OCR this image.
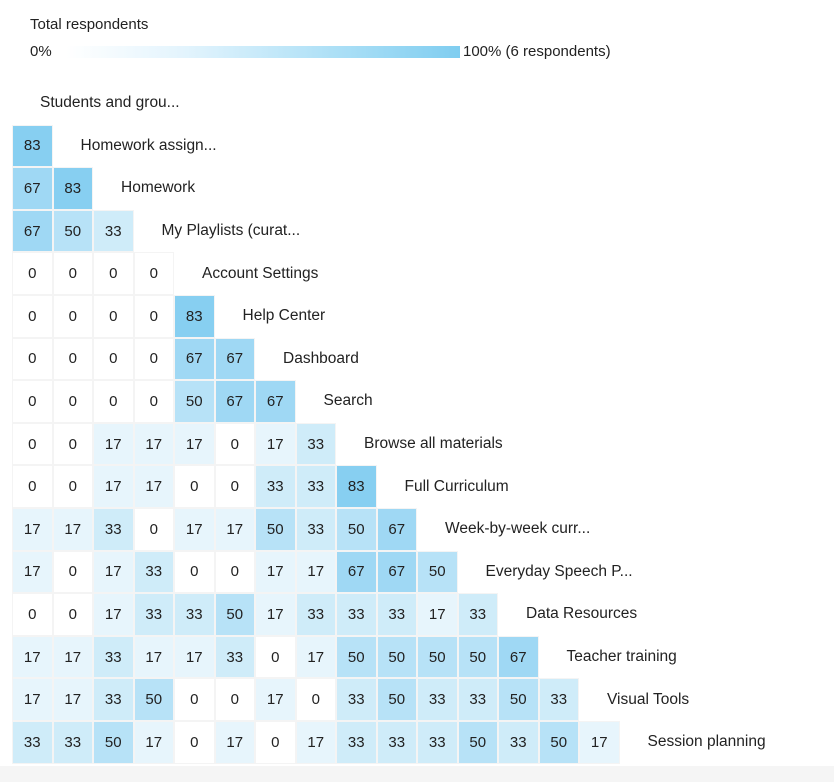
Total respondents
0%	100% (6 respondents)
Students and grou...
83	Homework assign...
67	83	Homework
67	50	33	My Playlists (curat...
0	0	0	0	Account Settings
0	0	0	0	83	Help Center
0	0	0	0	67	67	Dashboard
0	0	0	0	50	67	67	Search
0	0	17	17	17	0	17	33	Browse all materials
0	0	17	17	0	0	33	33	83	Full Curriculum
17	17	33	0	17	17	50	33	50	67	Week-by-week curr...
17	0	17	33	0	0	17	17	67	67	50	Everyday Speech P...
0	0	17	33	33	50	17	33	33	33	17	33	Data Resources
17	17	33	17	17	33	0	17	50	50	50	50	67	Teacher training
17	17	33	50	0	0	17	0	33	50	33	33	50	33	Visual Tools
33	33	50	17	0	17	0	17	33	33	33	50	33	50	17	Session planning
